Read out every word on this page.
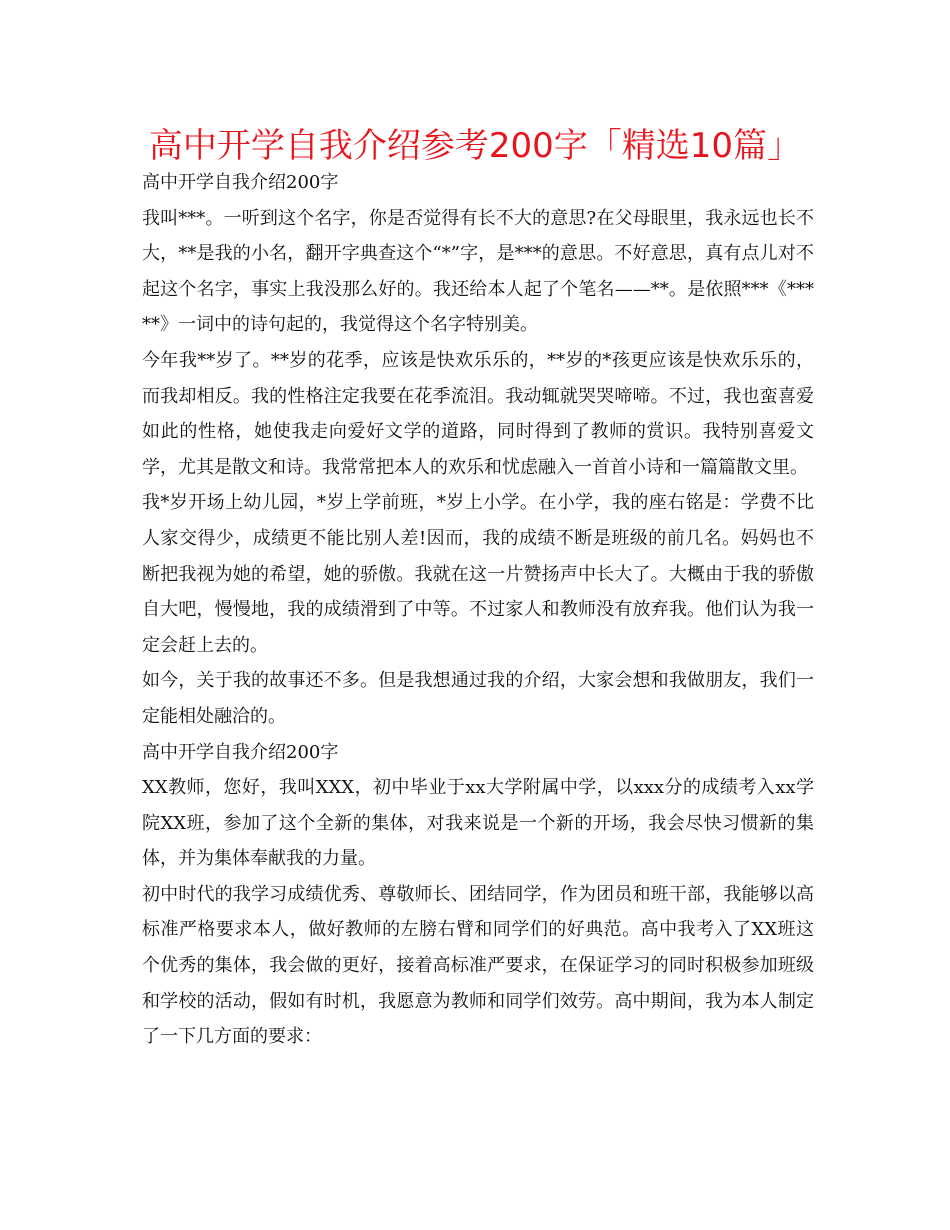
高中开学自我介绍参考200字「精选10篇」

高中开学自我介绍200字

我叫***。一听到这个名字，你是否觉得有长不大的意思?在父母眼里，我永远也长不大，**是我的小名，翻开字典查这个“*”字，是***的意思。不好意思，真有点儿对不起这个名字，事实上我没那么好的。我还给本人起了个笔名——**。是依照***《*****》一词中的诗句起的，我觉得这个名字特别美。

今年我**岁了。**岁的花季，应该是快欢乐乐的，**岁的*孩更应该是快欢乐乐的，而我却相反。我的性格注定我要在花季流泪。我动辄就哭哭啼啼。不过，我也蛮喜爱如此的性格，她使我走向爱好文学的道路，同时得到了教师的赏识。我特别喜爱文学，尤其是散文和诗。我常常把本人的欢乐和忧虑融入一首首小诗和一篇篇散文里。

我*岁开场上幼儿园，*岁上学前班，*岁上小学。在小学，我的座右铭是：学费不比人家交得少，成绩更不能比别人差!因而，我的成绩不断是班级的前几名。妈妈也不断把我视为她的希望，她的骄傲。我就在这一片赞扬声中长大了。大概由于我的骄傲自大吧，慢慢地，我的成绩滑到了中等。不过家人和教师没有放弃我。他们认为我一定会赶上去的。

如今，关于我的故事还不多。但是我想通过我的介绍，大家会想和我做朋友，我们一定能相处融洽的。

高中开学自我介绍200字

XX教师，您好，我叫XXX，初中毕业于xx大学附属中学，以xxx分的成绩考入xx学院XX班，参加了这个全新的集体，对我来说是一个新的开场，我会尽快习惯新的集体，并为集体奉献我的力量。

初中时代的我学习成绩优秀、尊敬师长、团结同学，作为团员和班干部，我能够以高标准严格要求本人，做好教师的左膀右臂和同学们的好典范。高中我考入了XX班这个优秀的集体，我会做的更好，接着高标准严要求，在保证学习的同时积极参加班级和学校的活动，假如有时机，我愿意为教师和同学们效劳。高中期间，我为本人制定了一下几方面的要求：
